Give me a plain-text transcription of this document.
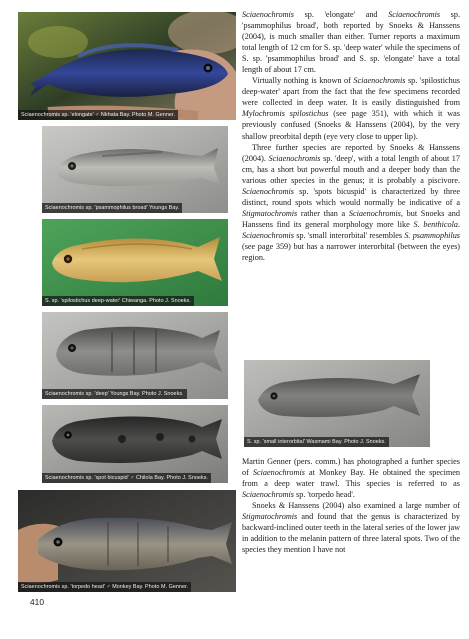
Sciaenochromis sp. 'elongate' ♂ Nkhata Bay. Photo M. Genner.
Sciaenochromis sp. 'psammophilus broad' Youngs Bay.
S. sp. 'spilostichus deep-water' Chiwanga. Photo J. Snoeks.
Sciaenochromis sp. 'deep' Youngs Bay. Photo J. Snoeks.
Sciaenochromis sp. 'spot bicuspid' ♂ Chilola Bay. Photo J. Snoeks.
S. sp. 'small interorbital' Wasmami Bay. Photo J. Snoeks.
Sciaenochromis sp. 'torpedo head' ♂ Monkey Bay. Photo M. Genner.

Sciaenochromis sp. 'elongate' and Sciaenochromis sp. 'psammophilus broad', both reported by Snoeks & Hanssens (2004), is much smaller than either. Turner reports a maximum total length of 12 cm for S. sp. 'deep water' while the specimens of S. sp. 'psammophilus broad' and S. sp. 'elongate' have a total length of about 17 cm.

Virtually nothing is known of Sciaenochromis sp. 'spilostichus deep-water' apart from the fact that the few specimens recorded were collected in deep water. It is easily distinguished from Mylochromis spilostichus (see page 351), with which it was previously confused (Snoeks & Hanssens (2004), by the very shallow preorbital depth (eye very close to upper lip).

Three further species are reported by Snoeks & Hanssens (2004). Sciaenochromis sp. 'deep', with a total length of about 17 cm, has a short but powerful mouth and a deeper body than the various other species in the genus; it is probably a piscivore. Sciaenochromis sp. 'spots bicuspid' is characterized by three distinct, round spots which would normally be indicative of a Stigmatochromis rather than a Sciaenochromis, but Snoeks and Hanssens find its general morphology more like S. benthicola. Sciaenochromis sp. 'small interorbital' resembles S. psammophilus (see page 359) but has a narrower interorbital (between the eyes) region.

Martin Genner (pers. comm.) has photographed a further species of Sciaenochromis at Monkey Bay. He obtained the specimen from a deep water trawl. This species is referred to as Sciaenochromis sp. 'torpedo head'.

Snoeks & Hanssens (2004) also examined a large number of Stigmatochromis and found that the genus is characterized by backward-inclined outer teeth in the lateral series of the lower jaw in addition to the melanin pattern of three lateral spots. Two of the species they mention I have not

410
